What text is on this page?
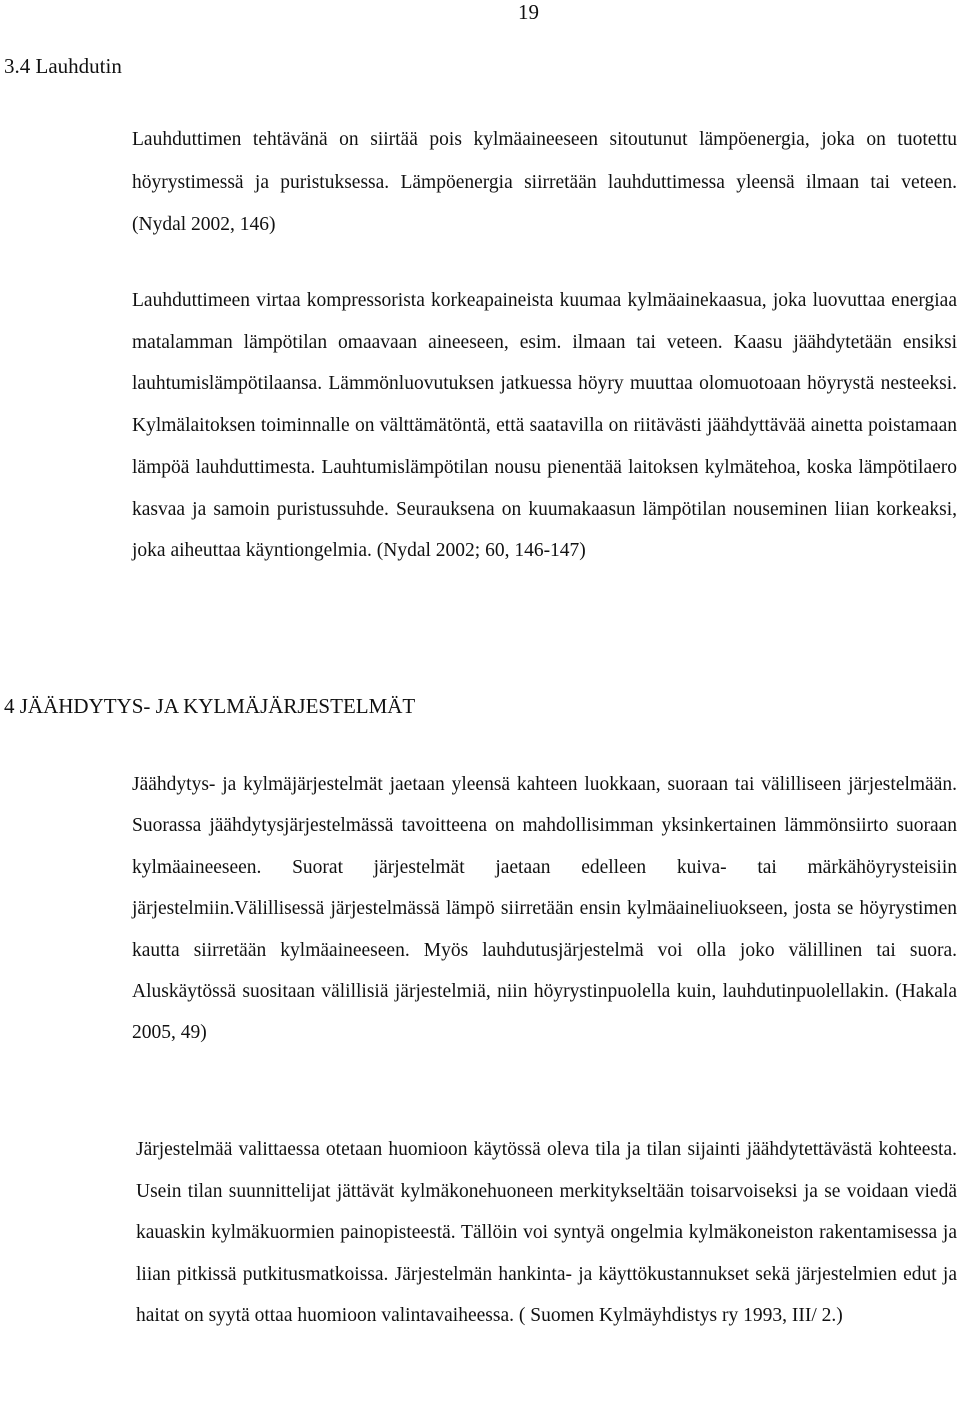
19
3.4 Lauhdutin

Lauhduttimen tehtävänä on siirtää pois kylmäaineeseen sitoutunut lämpöenergia, joka on tuotettu höyrystimessä ja puristuksessa. Lämpöenergia siirretään lauhduttimessa yleensä ilmaan tai veteen. (Nydal 2002, 146)

Lauhduttimeen virtaa kompressorista korkeapaineista kuumaa kylmäainekaasua, joka luovuttaa energiaa matalamman lämpötilan omaavaan aineeseen, esim. ilmaan tai veteen. Kaasu jäähdytetään ensiksi lauhtumislämpötilaansa. Lämmönluovutuksen jatkuessa höyry muuttaa olomuotoaan höyrystä nesteeksi. Kylmälaitoksen toiminnalle on välttämätöntä, että saatavilla on riitävästi jäähdyttävää ainetta poistamaan lämpöä lauhduttimesta. Lauhtumislämpötilan nousu pienentää laitoksen kylmätehoa, koska lämpötilaero kasvaa ja samoin puristussuhde. Seurauksena on kuumakaasun lämpötilan nouseminen liian korkeaksi, joka aiheuttaa käyntiongelmia. (Nydal 2002; 60, 146-147)

4 JÄÄHDYTYS- JA KYLMÄJÄRJESTELMÄT

Jäähdytys- ja kylmäjärjestelmät jaetaan yleensä kahteen luokkaan, suoraan tai välilliseen järjestelmään. Suorassa jäähdytysjärjestelmässä tavoitteena on mahdollisimman yksinkertainen lämmönsiirto suoraan kylmäaineeseen. Suorat järjestelmät jaetaan edelleen kuiva- tai märkähöyrysteisiin järjestelmiin.Välillisessä järjestelmässä lämpö siirretään ensin kylmäaineliuokseen, josta se höyrystimen kautta siirretään kylmäaineeseen. Myös lauhdutusjärjestelmä voi olla joko välillinen tai suora. Aluskäytössä suositaan välillisiä järjestelmiä, niin höyrystinpuolella kuin, lauhdutinpuolellakin. (Hakala 2005, 49)

Järjestelmää valittaessa otetaan huomioon käytössä oleva tila ja tilan sijainti jäähdytettävästä kohteesta. Usein tilan suunnittelijat jättävät kylmäkonehuoneen merkitykseltään toisarvoiseksi ja se voidaan viedä kauaskin kylmäkuormien painopisteestä. Tällöin voi syntyä ongelmia kylmäkoneiston rakentamisessa ja liian pitkissä putkitusmatkoissa. Järjestelmän hankinta- ja käyttökustannukset sekä järjestelmien edut ja haitat on syytä ottaa huomioon valintavaiheessa. ( Suomen Kylmäyhdistys ry 1993, III/ 2.)
